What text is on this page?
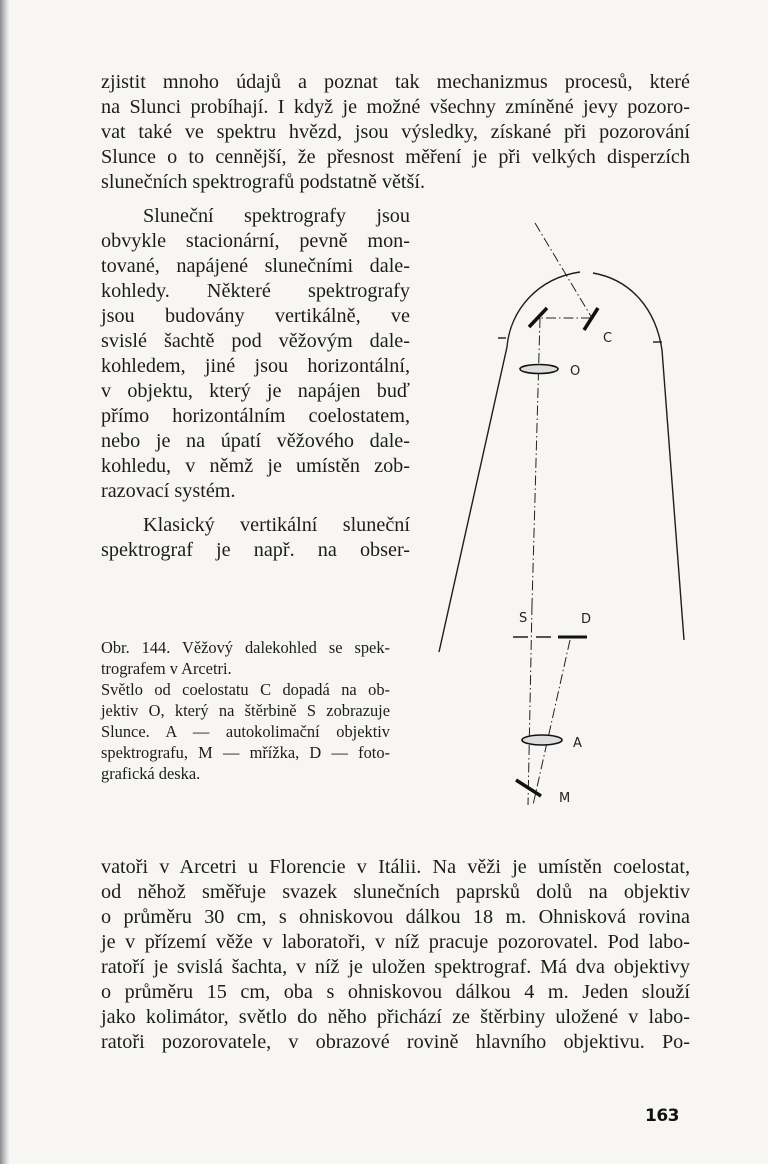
zjistit mnoho údajů a poznat tak mechanizmus procesů, které
na Slunci probíhají. I když je možné všechny zmíněné jevy pozoro-
vat také ve spektru hvězd, jsou výsledky, získané při pozorování
Slunce o to cennější, že přesnost měření je při velkých disperzích
slunečních spektrografů podstatně větší.
Sluneční spektrografy jsou
obvykle stacionární, pevně mon-
tované, napájené slunečními dale-
kohledy. Některé spektrografy
jsou budovány vertikálně, ve
svislé šachtě pod věžovým dale-
kohledem, jiné jsou horizontální,
v objektu, který je napájen buď
přímo horizontálním coelostatem,
nebo je na úpatí věžového dale-
kohledu, v němž je umístěn zob-
razovací systém.
Klasický vertikální sluneční
spektrograf je např. na obser-
Obr. 144. Věžový dalekohled se spek-
trografem v Arcetri.
Světlo od coelostatu C dopadá na ob-
jektiv O, který na štěrbině S zobrazuje
Slunce. A — autokolimační objektiv
spektrografu, M — mřížka, D — foto-
grafická deska.
C
O
S	D
A
M
vatoři v Arcetri u Florencie v Itálii. Na věži je umístěn coelostat,
od něhož směřuje svazek slunečních paprsků dolů na objektiv
o průměru 30 cm, s ohniskovou dálkou 18 m. Ohnisková rovina
je v přízemí věže v laboratoři, v níž pracuje pozorovatel. Pod labo-
ratoří je svislá šachta, v níž je uložen spektrograf. Má dva objektivy
o průměru 15 cm, oba s ohniskovou dálkou 4 m. Jeden slouží
jako kolimátor, světlo do něho přichází ze štěrbiny uložené v labo-
ratoři pozorovatele, v obrazové rovině hlavního objektivu. Po-
163
